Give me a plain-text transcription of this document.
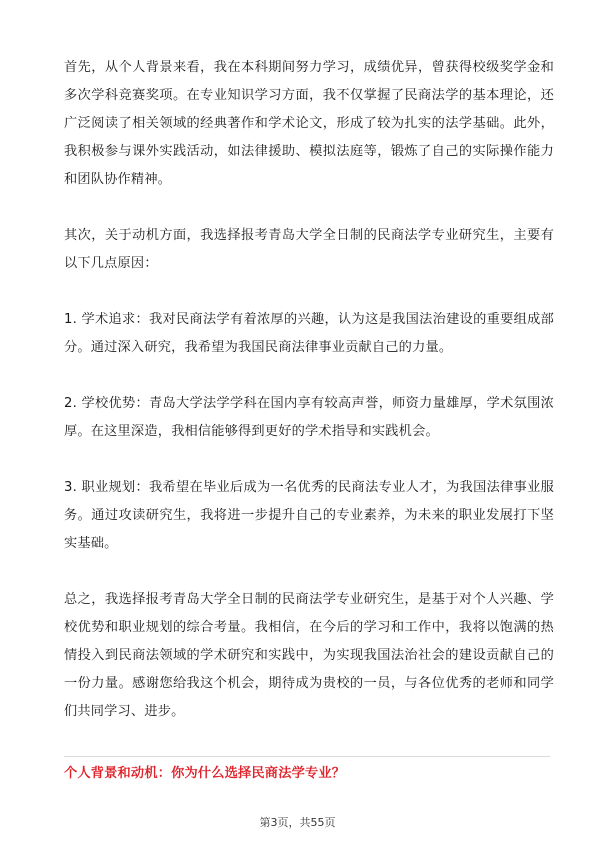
首先，从个人背景来看，我在本科期间努力学习，成绩优异，曾获得校级奖学金和多次学科竞赛奖项。在专业知识学习方面，我不仅掌握了民商法学的基本理论，还广泛阅读了相关领域的经典著作和学术论文，形成了较为扎实的法学基础。此外，我积极参与课外实践活动，如法律援助、模拟法庭等，锻炼了自己的实际操作能力和团队协作精神。

其次，关于动机方面，我选择报考青岛大学全日制的民商法学专业研究生，主要有以下几点原因：

1. 学术追求：我对民商法学有着浓厚的兴趣，认为这是我国法治建设的重要组成部分。通过深入研究，我希望为我国民商法律事业贡献自己的力量。

2. 学校优势：青岛大学法学学科在国内享有较高声誉，师资力量雄厚，学术氛围浓厚。在这里深造，我相信能够得到更好的学术指导和实践机会。

3. 职业规划：我希望在毕业后成为一名优秀的民商法专业人才，为我国法律事业服务。通过攻读研究生，我将进一步提升自己的专业素养，为未来的职业发展打下坚实基础。

总之，我选择报考青岛大学全日制的民商法学专业研究生，是基于对个人兴趣、学校优势和职业规划的综合考量。我相信，在今后的学习和工作中，我将以饱满的热情投入到民商法领域的学术研究和实践中，为实现我国法治社会的建设贡献自己的一份力量。感谢您给我这个机会，期待成为贵校的一员，与各位优秀的老师和同学们共同学习、进步。

个人背景和动机：你为什么选择民商法学专业？
第3页，共55页
